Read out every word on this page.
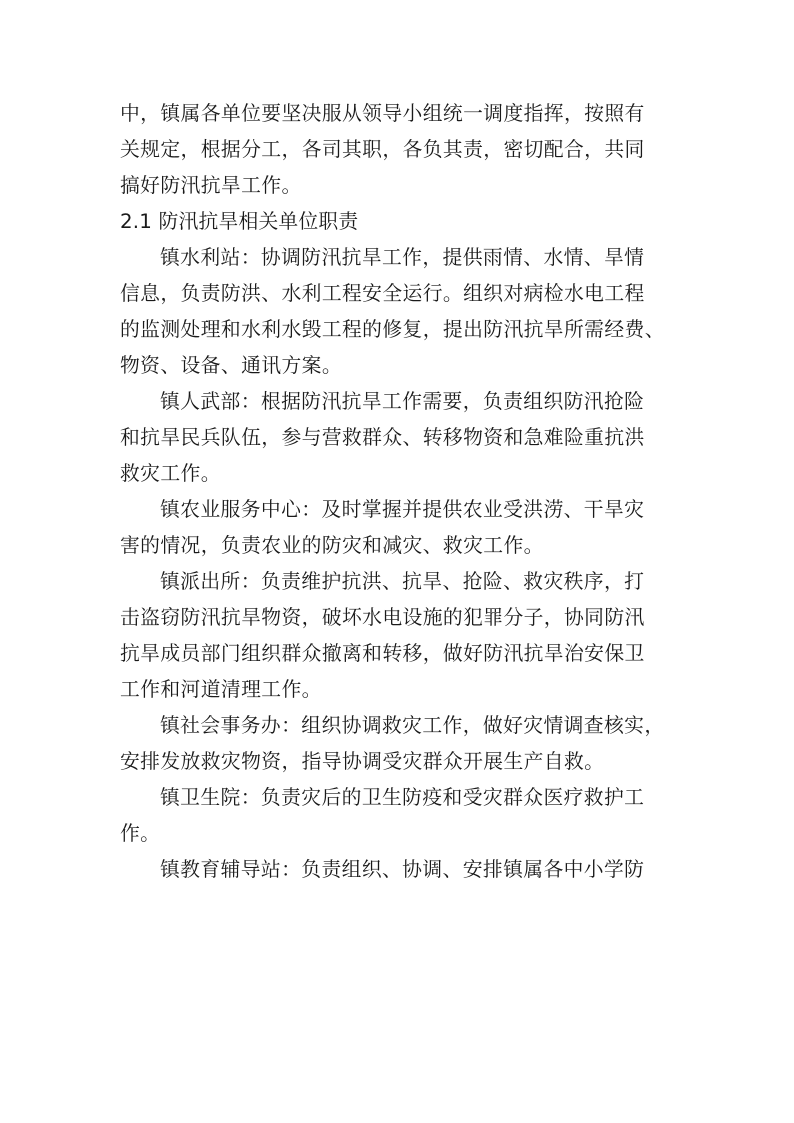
中，镇属各单位要坚决服从领导小组统一调度指挥，按照有
关规定，根据分工，各司其职，各负其责，密切配合，共同
搞好防汛抗旱工作。
2.1 防汛抗旱相关单位职责
镇水利站：协调防汛抗旱工作，提供雨情、水情、旱情
信息，负责防洪、水利工程安全运行。组织对病检水电工程
的监测处理和水利水毁工程的修复，提出防汛抗旱所需经费、
物资、设备、通讯方案。
镇人武部：根据防汛抗旱工作需要，负责组织防汛抢险
和抗旱民兵队伍，参与营救群众、转移物资和急难险重抗洪
救灾工作。
镇农业服务中心：及时掌握并提供农业受洪涝、干旱灾
害的情况，负责农业的防灾和减灾、救灾工作。
镇派出所：负责维护抗洪、抗旱、抢险、救灾秩序，打
击盗窃防汛抗旱物资，破坏水电设施的犯罪分子，协同防汛
抗旱成员部门组织群众撤离和转移，做好防汛抗旱治安保卫
工作和河道清理工作。
镇社会事务办：组织协调救灾工作，做好灾情调查核实，
安排发放救灾物资，指导协调受灾群众开展生产自救。
镇卫生院：负责灾后的卫生防疫和受灾群众医疗救护工
作。
镇教育辅导站：负责组织、协调、安排镇属各中小学防
